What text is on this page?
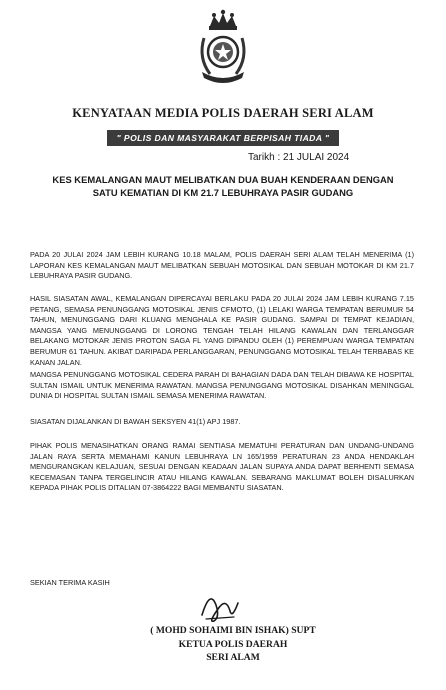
KENYATAAN MEDIA POLIS DAERAH SERI ALAM
" POLIS DAN MASYARAKAT BERPISAH TIADA "
Tarikh : 21 JULAI 2024
KES KEMALANGAN MAUT MELIBATKAN DUA BUAH KENDERAAN DENGAN SATU KEMATIAN DI KM 21.7 LEBUHRAYA PASIR GUDANG

PADA 20 JULAI 2024 JAM LEBIH KURANG 10.18 MALAM, POLIS DAERAH SERI ALAM TELAH MENERIMA (1) LAPORAN KES KEMALANGAN MAUT MELIBATKAN SEBUAH MOTOSIKAL DAN SEBUAH MOTOKAR DI KM 21.7 LEBUHRAYA PASIR GUDANG.

HASIL SIASATAN AWAL, KEMALANGAN DIPERCAYAI BERLAKU PADA 20 JULAI 2024 JAM LEBIH KURANG 7.15 PETANG, SEMASA PENUNGGANG MOTOSIKAL JENIS CFMOTO, (1) LELAKI WARGA TEMPATAN BERUMUR 54 TAHUN, MENUNGGANG DARI KLUANG MENGHALA KE PASIR GUDANG. SAMPAI DI TEMPAT KEJADIAN, MANGSA YANG MENUNGGANG DI LORONG TENGAH TELAH HILANG KAWALAN DAN TERLANGGAR BELAKANG MOTOKAR JENIS PROTON SAGA FL YANG DIPANDU OLEH (1) PEREMPUAN WARGA TEMPATAN BERUMUR 61 TAHUN. AKIBAT DARIPADA PERLANGGARAN, PENUNGGANG MOTOSIKAL TELAH TERBABAS KE KANAN JALAN.

MANGSA PENUNGGANG MOTOSIKAL CEDERA PARAH DI BAHAGIAN DADA DAN TELAH DIBAWA KE HOSPITAL SULTAN ISMAIL UNTUK MENERIMA RAWATAN. MANGSA PENUNGGANG MOTOSIKAL DISAHKAN MENINGGAL DUNIA DI HOSPITAL SULTAN ISMAIL SEMASA MENERIMA RAWATAN.

SIASATAN DIJALANKAN DI BAWAH SEKSYEN 41(1) APJ 1987.

PIHAK POLIS MENASIHATKAN ORANG RAMAI SENTIASA MEMATUHI PERATURAN DAN UNDANG-UNDANG JALAN RAYA SERTA MEMAHAMI KANUN LEBUHRAYA LN 165/1959 PERATURAN 23 ANDA HENDAKLAH MENGURANGKAN KELAJUAN, SESUAI DENGAN KEADAAN JALAN SUPAYA ANDA DAPAT BERHENTI SEMASA KECEMASAN TANPA TERGELINCIR ATAU HILANG KAWALAN. SEBARANG MAKLUMAT BOLEH DISALURKAN KEPADA PIHAK POLIS DITALIAN 07-3864222 BAGI MEMBANTU SIASATAN.

SEKIAN TERIMA KASIH

( MOHD SOHAIMI BIN ISHAK) SUPT
KETUA POLIS DAERAH
SERI ALAM
